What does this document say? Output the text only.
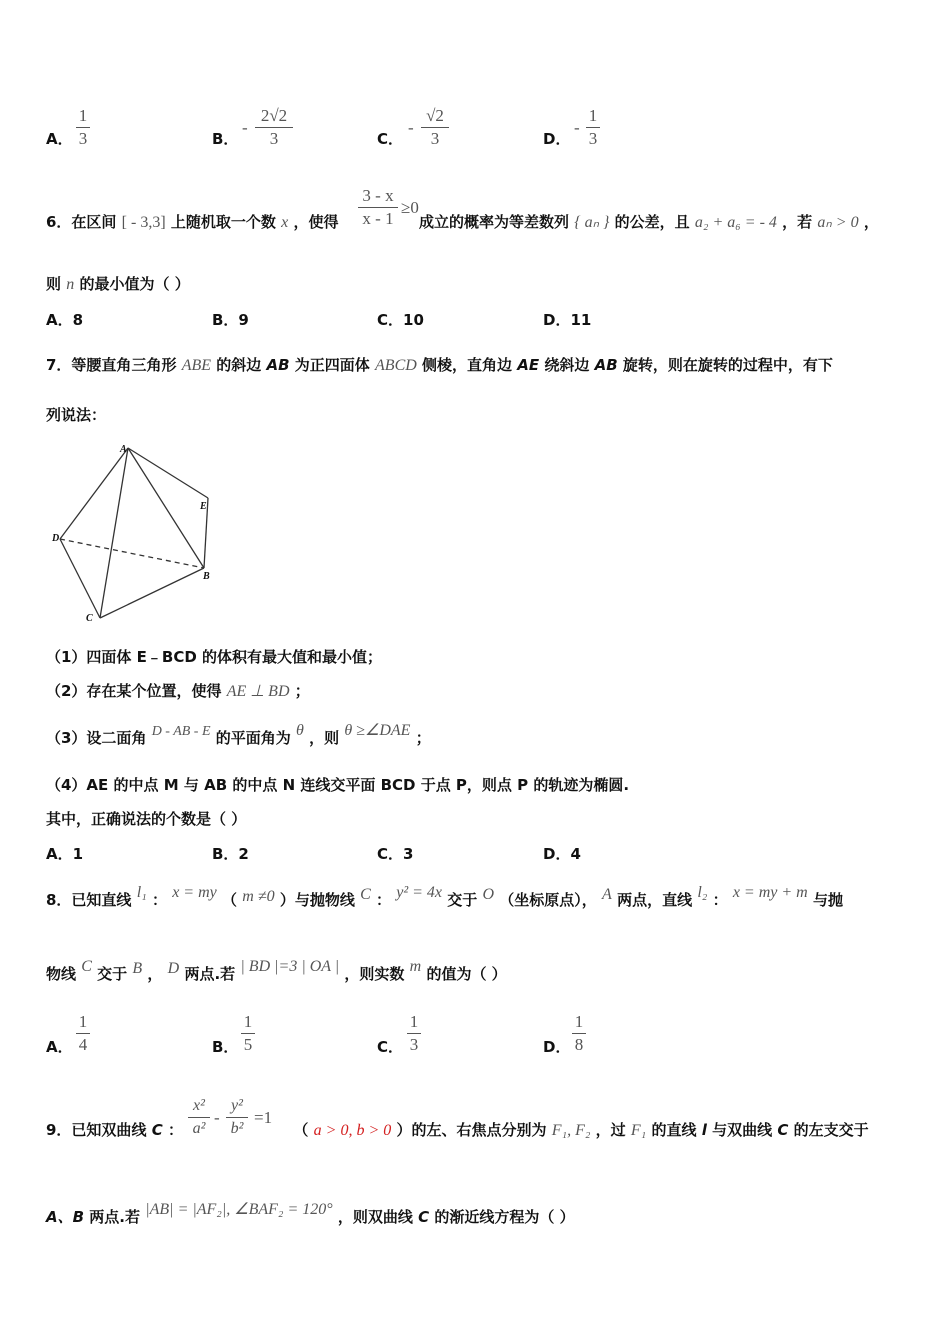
A．
1
3	B．
-
2√2
3	C．
-
√2
3	D．
-
1
3
6．在区间 [ - 3,3] 上随机取一个数 x ，使得	成立的概率为等差数列 { aₙ } 的公差，且 a₂ + a₆ = - 4 ，若 aₙ > 0 ，
3 - x
x - 1
≥0
则 n 的最小值为（ ）
A．8	B．9	C．10	D．11
7．等腰直角三角形 ABE 的斜边 AB 为正四面体 ABCD 侧棱，直角边 AE 绕斜边 AB 旋转，则在旋转的过程中，有下
列说法：
A
E
D
B
C
（1）四面体 E﹣BCD 的体积有最大值和最小值；
（2）存在某个位置，使得 AE ⊥ BD ；
（3）设二面角 D - AB - E 的平面角为 θ ，则 θ ≥∠DAE ；
（4）AE 的中点 M 与 AB 的中点 N 连线交平面 BCD 于点 P，则点 P 的轨迹为椭圆.
其中，正确说法的个数是（ ）
A．1	B．2	C．3	D．4
8．已知直线 l₁ ： x = my （ m ≠0 ）与抛物线 C ： y² = 4x 交于 O （坐标原点）， A 两点，直线 l₂ ： x = my + m 与抛
物线 C 交于 B ， D 两点.若 | BD |=3 | OA | ，则实数 m 的值为（ ）
A．
1
4	B．
1
5	C．
1
3	D．
1
8
9．已知双曲线 C ：	（ a > 0, b > 0 ）的左、右焦点分别为 F₁, F₂ ，过 F₁ 的直线 l 与双曲线 C 的左支交于
x²
a²
-
y²
b²
=1
A、B 两点.若 |AB| = |AF₂|, ∠BAF₂ = 120° ，则双曲线 C 的渐近线方程为（ ）
